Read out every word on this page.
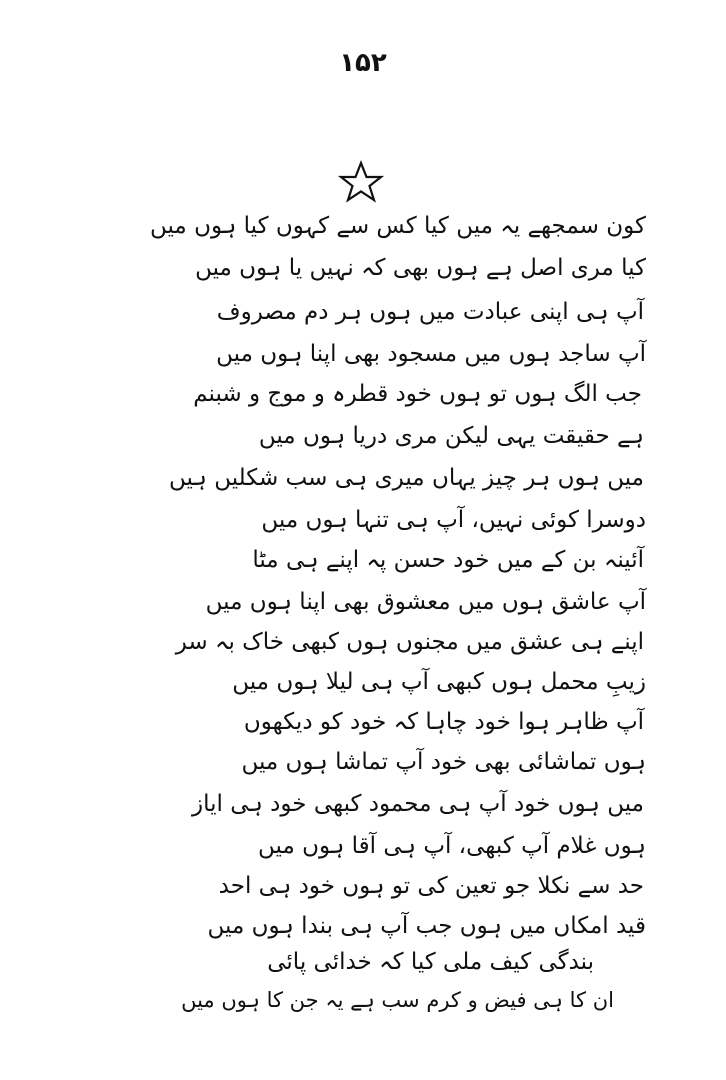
۱۵۲
کون سمجھے یہ میں کیا کس سے کہوں کیا ہوں میں
کیا مری اصل ہے ہوں بھی کہ نہیں یا ہوں میں
آپ ہی اپنی عبادت میں ہوں ہر دم مصروف
آپ ساجد ہوں میں مسجود بھی اپنا ہوں میں
جب الگ ہوں تو ہوں خود قطرہ و موج و شبنم
ہے حقیقت یہی لیکن مری دریا ہوں میں
میں ہوں ہر چیز یہاں میری ہی سب شکلیں ہیں
دوسرا کوئی نہیں، آپ ہی تنہا ہوں میں
آئینہ بن کے میں خود حسن پہ اپنے ہی مٹا
آپ عاشق ہوں میں معشوق بھی اپنا ہوں میں
اپنے ہی عشق میں مجنوں ہوں کبھی خاک بہ سر
زیبِ محمل ہوں کبھی آپ ہی لیلا ہوں میں
آپ ظاہر ہوا خود چاہا کہ خود کو دیکھوں
ہوں تماشائی بھی خود آپ تماشا ہوں میں
میں ہوں خود آپ ہی محمود کبھی خود ہی ایاز
ہوں غلام آپ کبھی، آپ ہی آقا ہوں میں
حد سے نکلا جو تعین کی تو ہوں خود ہی احد
قید امکاں میں ہوں جب آپ ہی بندا ہوں میں
بندگی کیف ملی کیا کہ خدائی پائی
ان کا ہی فیض و کرم سب ہے یہ جن کا ہوں میں
